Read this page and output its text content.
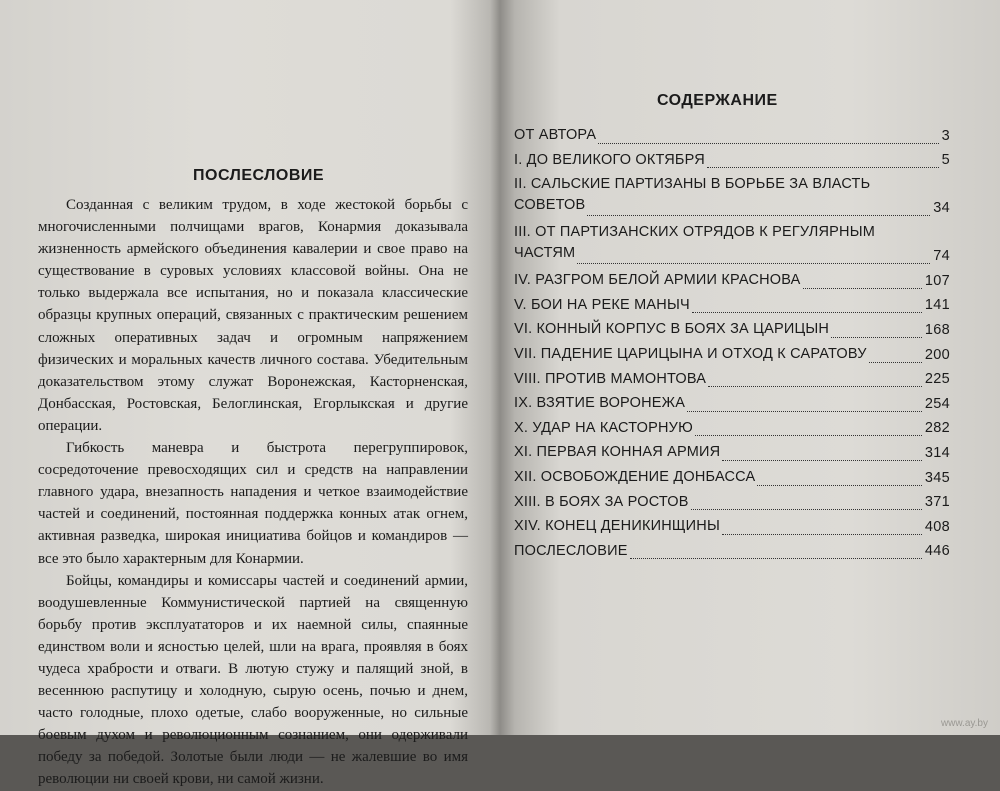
ПОСЛЕСЛОВИЕ

Созданная с великим трудом, в ходе жестокой борьбы с многочисленными полчищами врагов, Конармия доказывала жизненность армейского объединения кавалерии и свое право на существование в суровых условиях классовой войны. Она не только выдержала все испытания, но и показала классические образцы крупных операций, связанных с практическим решением сложных оперативных задач и огромным напряжением физических и моральных качеств личного состава. Убедительным доказательством этому служат Воронежская, Касторненская, Донбасская, Ростовская, Белоглинская, Егорлыкская и другие операции.

Гибкость маневра и быстрота перегруппировок, сосредоточение превосходящих сил и средств на направлении главного удара, внезапность нападения и четкое взаимодействие частей и соединений, постоянная поддержка конных атак огнем, активная разведка, широкая инициатива бойцов и командиров — все это было характерным для Конармии.

Бойцы, командиры и комиссары частей и соединений армии, воодушевленные Коммунистической партией на священную борьбу против эксплуататоров и их наемной силы, спаянные единством воли и ясностью целей, шли на врага, проявляя в боях чудеса храбрости и отваги. В лютую стужу и палящий зной, в весеннюю распутицу и холодную, сырую осень, почью и днем, часто голодные, плохо одетые, слабо вооруженные, но сильные боевым духом и революционным сознанием, они одерживали победу за победой. Золотые были люди — не жалевшие во имя революции ни своей крови, ни самой жизни.

СОДЕРЖАНИЕ
ОТ АВТОРА	3
I. ДО ВЕЛИКОГО ОКТЯБРЯ	5
II. САЛЬСКИЕ ПАРТИЗАНЫ В БОРЬБЕ ЗА ВЛАСТЬ СОВЕТОВ	34
III. ОТ ПАРТИЗАНСКИХ ОТРЯДОВ К РЕГУЛЯРНЫМ ЧАСТЯМ	74
IV. РАЗГРОМ БЕЛОЙ АРМИИ КРАСНОВА	107
V. БОИ НА РЕКЕ МАНЫЧ	141
VI. КОННЫЙ КОРПУС В БОЯХ ЗА ЦАРИЦЫН	168
VII. ПАДЕНИЕ ЦАРИЦЫНА И ОТХОД К САРАТОВУ	200
VIII. ПРОТИВ МАМОНТОВА	225
IX. ВЗЯТИЕ ВОРОНЕЖА	254
X. УДАР НА КАСТОРНУЮ	282
XI. ПЕРВАЯ КОННАЯ АРМИЯ	314
XII. ОСВОБОЖДЕНИЕ ДОНБАССА	345
XIII. В БОЯХ ЗА РОСТОВ	371
XIV. КОНЕЦ ДЕНИКИНЩИНЫ	408
ПОСЛЕСЛОВИЕ	446
www.ay.by
